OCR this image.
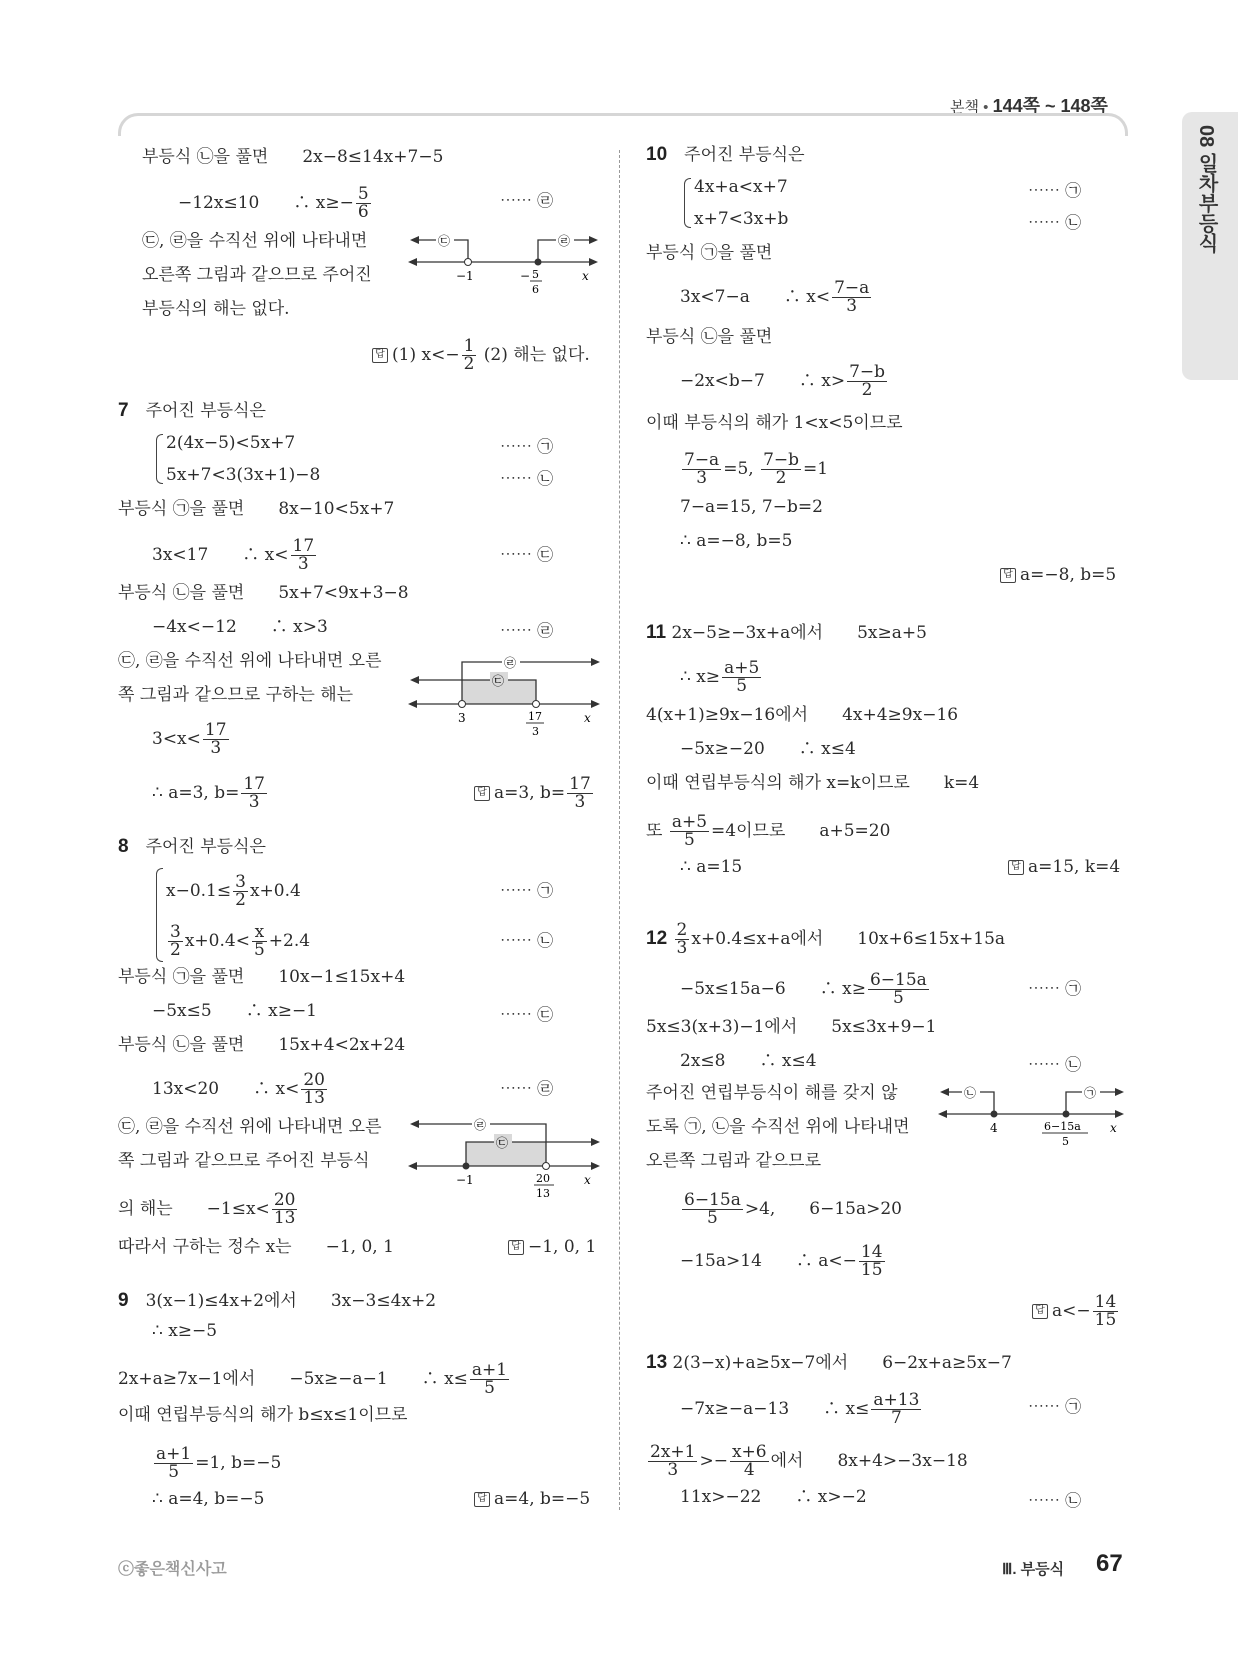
본책 • 144쪽 ~ 148쪽
08 일차부등식
부등식 ㉡을 풀면　　2x−8≤14x+7−5
−12x≤10　　∴ $x\ge- \frac{5}{6}$	⋯⋯ ㉣
㉢, ㉣을 수직선 위에 나타내면
오른쪽 그림과 같으므로 주어진
부등식의 해는 없다.
㉢	㉣
−1	− 5
6
x
답 (1) $x<- \frac{1}{2} (2)$ 해는 없다.
7　 주어진 부등식은
2(4x−5)<5x+7	⋯⋯ ㉠
5x+7<3(3x+1)−8	⋯⋯ ㉡
부등식 ㉠을 풀면　　8x−10<5x+7
3x<17　　∴ $x< \frac{17}{3}$	⋯⋯ ㉢
부등식 ㉡을 풀면　　5x+7<9x+3−8
−4x<−12　　∴ x>3	⋯⋯ ㉣
㉢, ㉣을 수직선 위에 나타내면 오른
쪽 그림과 같으므로 구하는 해는
$3<x< \frac{17}{3}$
∴ a=3, $b= \frac{17}{3}$	답 a=3, $b= \frac{17}{3}$
㉣
㉢
3	17
3
x
8　 주어진 부등식은
$x-0.1\le \frac{3}{2} x+0.4$	⋯⋯ ㉠
$\frac{3}{2} x+0.4< \frac{x}{5} +2.4$	⋯⋯ ㉡
부등식 ㉠을 풀면　　10x−1≤15x+4
−5x≤5　　∴ x≥−1	⋯⋯ ㉢
부등식 ㉡을 풀면　　15x+4<2x+24
13x<20　　∴ $x< \frac{20}{13}$	⋯⋯ ㉣
㉢, ㉣을 수직선 위에 나타내면 오른
쪽 그림과 같으므로 주어진 부등식
의 해는　　$-1\le x< \frac{20}{13}$
따라서 구하는 정수 x는　　−1, 0, 1	답 −1, 0, 1
㉣
㉢
−1	20
13
x
9　 3(x−1)≤4x+2에서　　3x−3≤4x+2
∴ x≥−5
2x+a≥7x−1에서　　−5x≥−a−1　　∴ $x\le \frac{a+1}{5}$
이때 연립부등식의 해가 b≤x≤1이므로
$\frac{a+1}{5} =1$, b=−5
∴ a=4, b=−5	답 a=4, b=−5
10　 주어진 부등식은
4x+a<x+7	⋯⋯ ㉠
x+7<3x+b	⋯⋯ ㉡
부등식 ㉠을 풀면
3x<7−a　　∴ $x< \frac{7-a}{3}$
부등식 ㉡을 풀면
−2x<b−7　　∴ $x> \frac{7-b}{2}$
이때 부등식의 해가 1<x<5이므로
$\frac{7-a}{3} =5$, $\frac{7-b}{2} =1$
7−a=15, 7−b=2
∴ a=−8, b=5
답 a=−8, b=5
11 2x−5≥−3x+a에서　　5x≥a+5
∴ $x\ge \frac{a+5}{5}$
4(x+1)≥9x−16에서　　4x+4≥9x−16
−5x≥−20　　∴ x≤4
이때 연립부등식의 해가 x=k이므로　　k=4
또 $\frac{a+5}{5} =4$이므로　　a+5=20
∴ a=15	답 a=15, k=4
$12 \frac{2}{3} x+0.4\le x+a$에서　　10x+6≤15x+15a
−5x≤15a−6　　∴ $x\ge \frac{6-15a}{5}$	⋯⋯ ㉠
5x≤3(x+3)−1에서　　5x≤3x+9−1
2x≤8　　∴ x≤4	⋯⋯ ㉡
주어진 연립부등식이 해를 갖지 않
도록 ㉠, ㉡을 수직선 위에 나타내면
오른쪽 그림과 같으므로
㉡	㉠
4	6−15a
5
x
$\frac{6-15a}{5} >4$,　　6−15a>20
−15a>14　　∴ $a<- \frac{14}{15}$
답 $a<- \frac{14}{15}$
13 2(3−x)+a≥5x−7에서　　6−2x+a≥5x−7
−7x≥−a−13　　∴ $x\le \frac{a+13}{7}$	⋯⋯ ㉠
$\frac{2x+1}{3} >- \frac{x+6}{4}$ 에서　　8x+4>−3x−18
11x>−22　　∴ x>−2	⋯⋯ ㉡
ⓒ좋은책신사고	Ⅲ. 부등식 67
